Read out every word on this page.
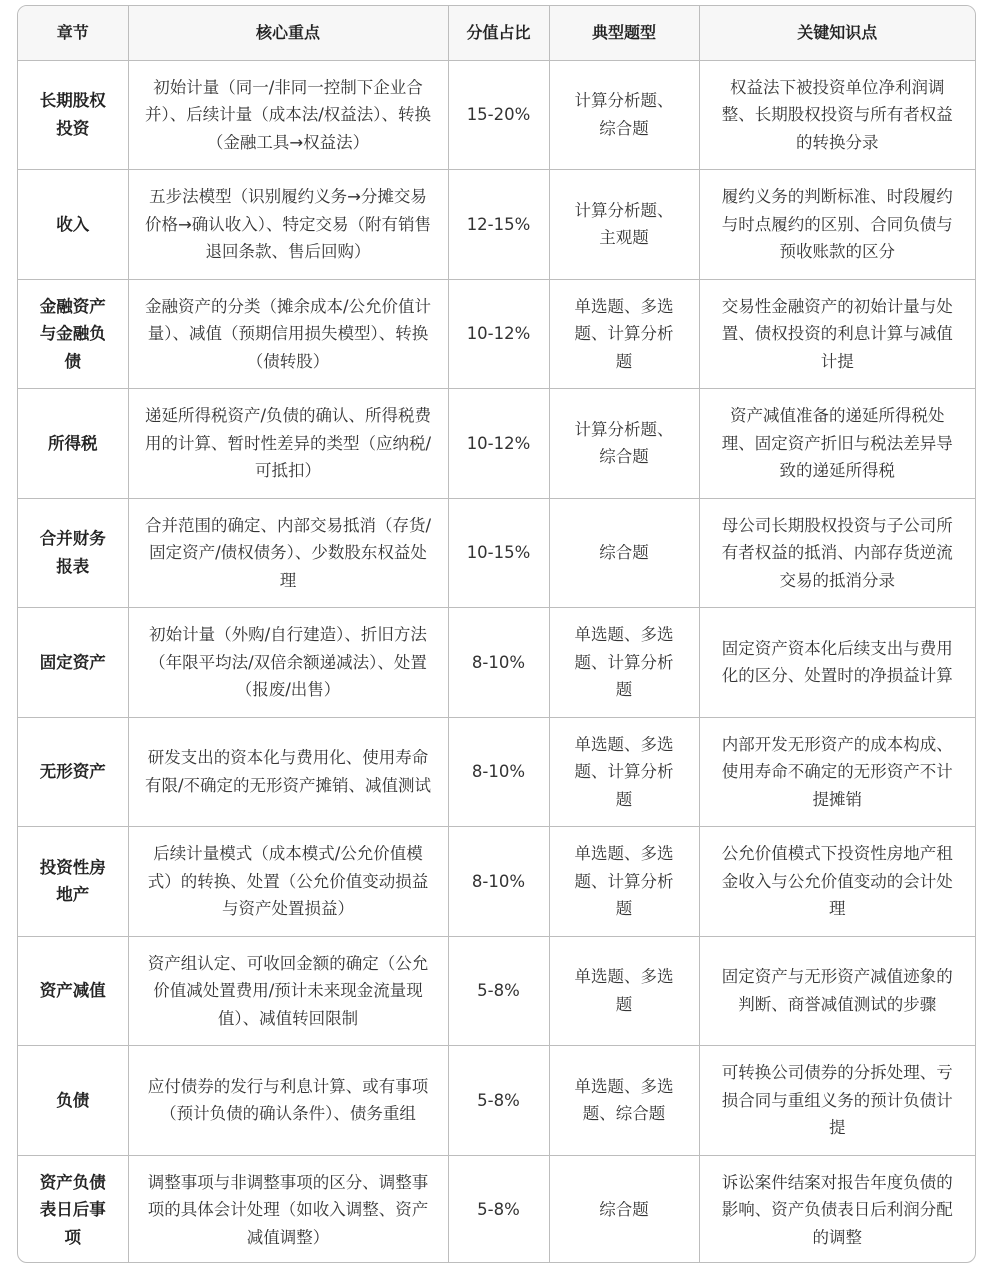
章节	核心重点	分值占比	典型题型	关键知识点
长期股权投资	初始计量（同一/非同一控制下企业合并）、后续计量（成本法/权益法）、转换（金融工具→权益法）	15-20%	计算分析题、综合题	权益法下被投资单位净利润调整、长期股权投资与所有者权益的转换分录
收入	五步法模型（识别履约义务→分摊交易价格→确认收入）、特定交易（附有销售退回条款、售后回购）	12-15%	计算分析题、主观题	履约义务的判断标准、时段履约与时点履约的区别、合同负债与预收账款的区分
金融资产与金融负债	金融资产的分类（摊余成本/公允价值计量）、减值（预期信用损失模型）、转换（债转股）	10-12%	单选题、多选题、计算分析题	交易性金融资产的初始计量与处置、债权投资的利息计算与减值计提
所得税	递延所得税资产/负债的确认、所得税费用的计算、暂时性差异的类型（应纳税/可抵扣）	10-12%	计算分析题、综合题	资产减值准备的递延所得税处理、固定资产折旧与税法差异导致的递延所得税
合并财务报表	合并范围的确定、内部交易抵消（存货/固定资产/债权债务）、少数股东权益处理	10-15%	综合题	母公司长期股权投资与子公司所有者权益的抵消、内部存货逆流交易的抵消分录
固定资产	初始计量（外购/自行建造）、折旧方法（年限平均法/双倍余额递减法）、处置（报废/出售）	8-10%	单选题、多选题、计算分析题	固定资产资本化后续支出与费用化的区分、处置时的净损益计算
无形资产	研发支出的资本化与费用化、使用寿命有限/不确定的无形资产摊销、减值测试	8-10%	单选题、多选题、计算分析题	内部开发无形资产的成本构成、使用寿命不确定的无形资产不计提摊销
投资性房地产	后续计量模式（成本模式/公允价值模式）的转换、处置（公允价值变动损益与资产处置损益）	8-10%	单选题、多选题、计算分析题	公允价值模式下投资性房地产租金收入与公允价值变动的会计处理
资产减值	资产组认定、可收回金额的确定（公允价值减处置费用/预计未来现金流量现值）、减值转回限制	5-8%	单选题、多选题	固定资产与无形资产减值迹象的判断、商誉减值测试的步骤
负债	应付债券的发行与利息计算、或有事项（预计负债的确认条件）、债务重组	5-8%	单选题、多选题、综合题	可转换公司债券的分拆处理、亏损合同与重组义务的预计负债计提
资产负债表日后事项	调整事项与非调整事项的区分、调整事项的具体会计处理（如收入调整、资产减值调整）	5-8%	综合题	诉讼案件结案对报告年度负债的影响、资产负债表日后利润分配的调整
